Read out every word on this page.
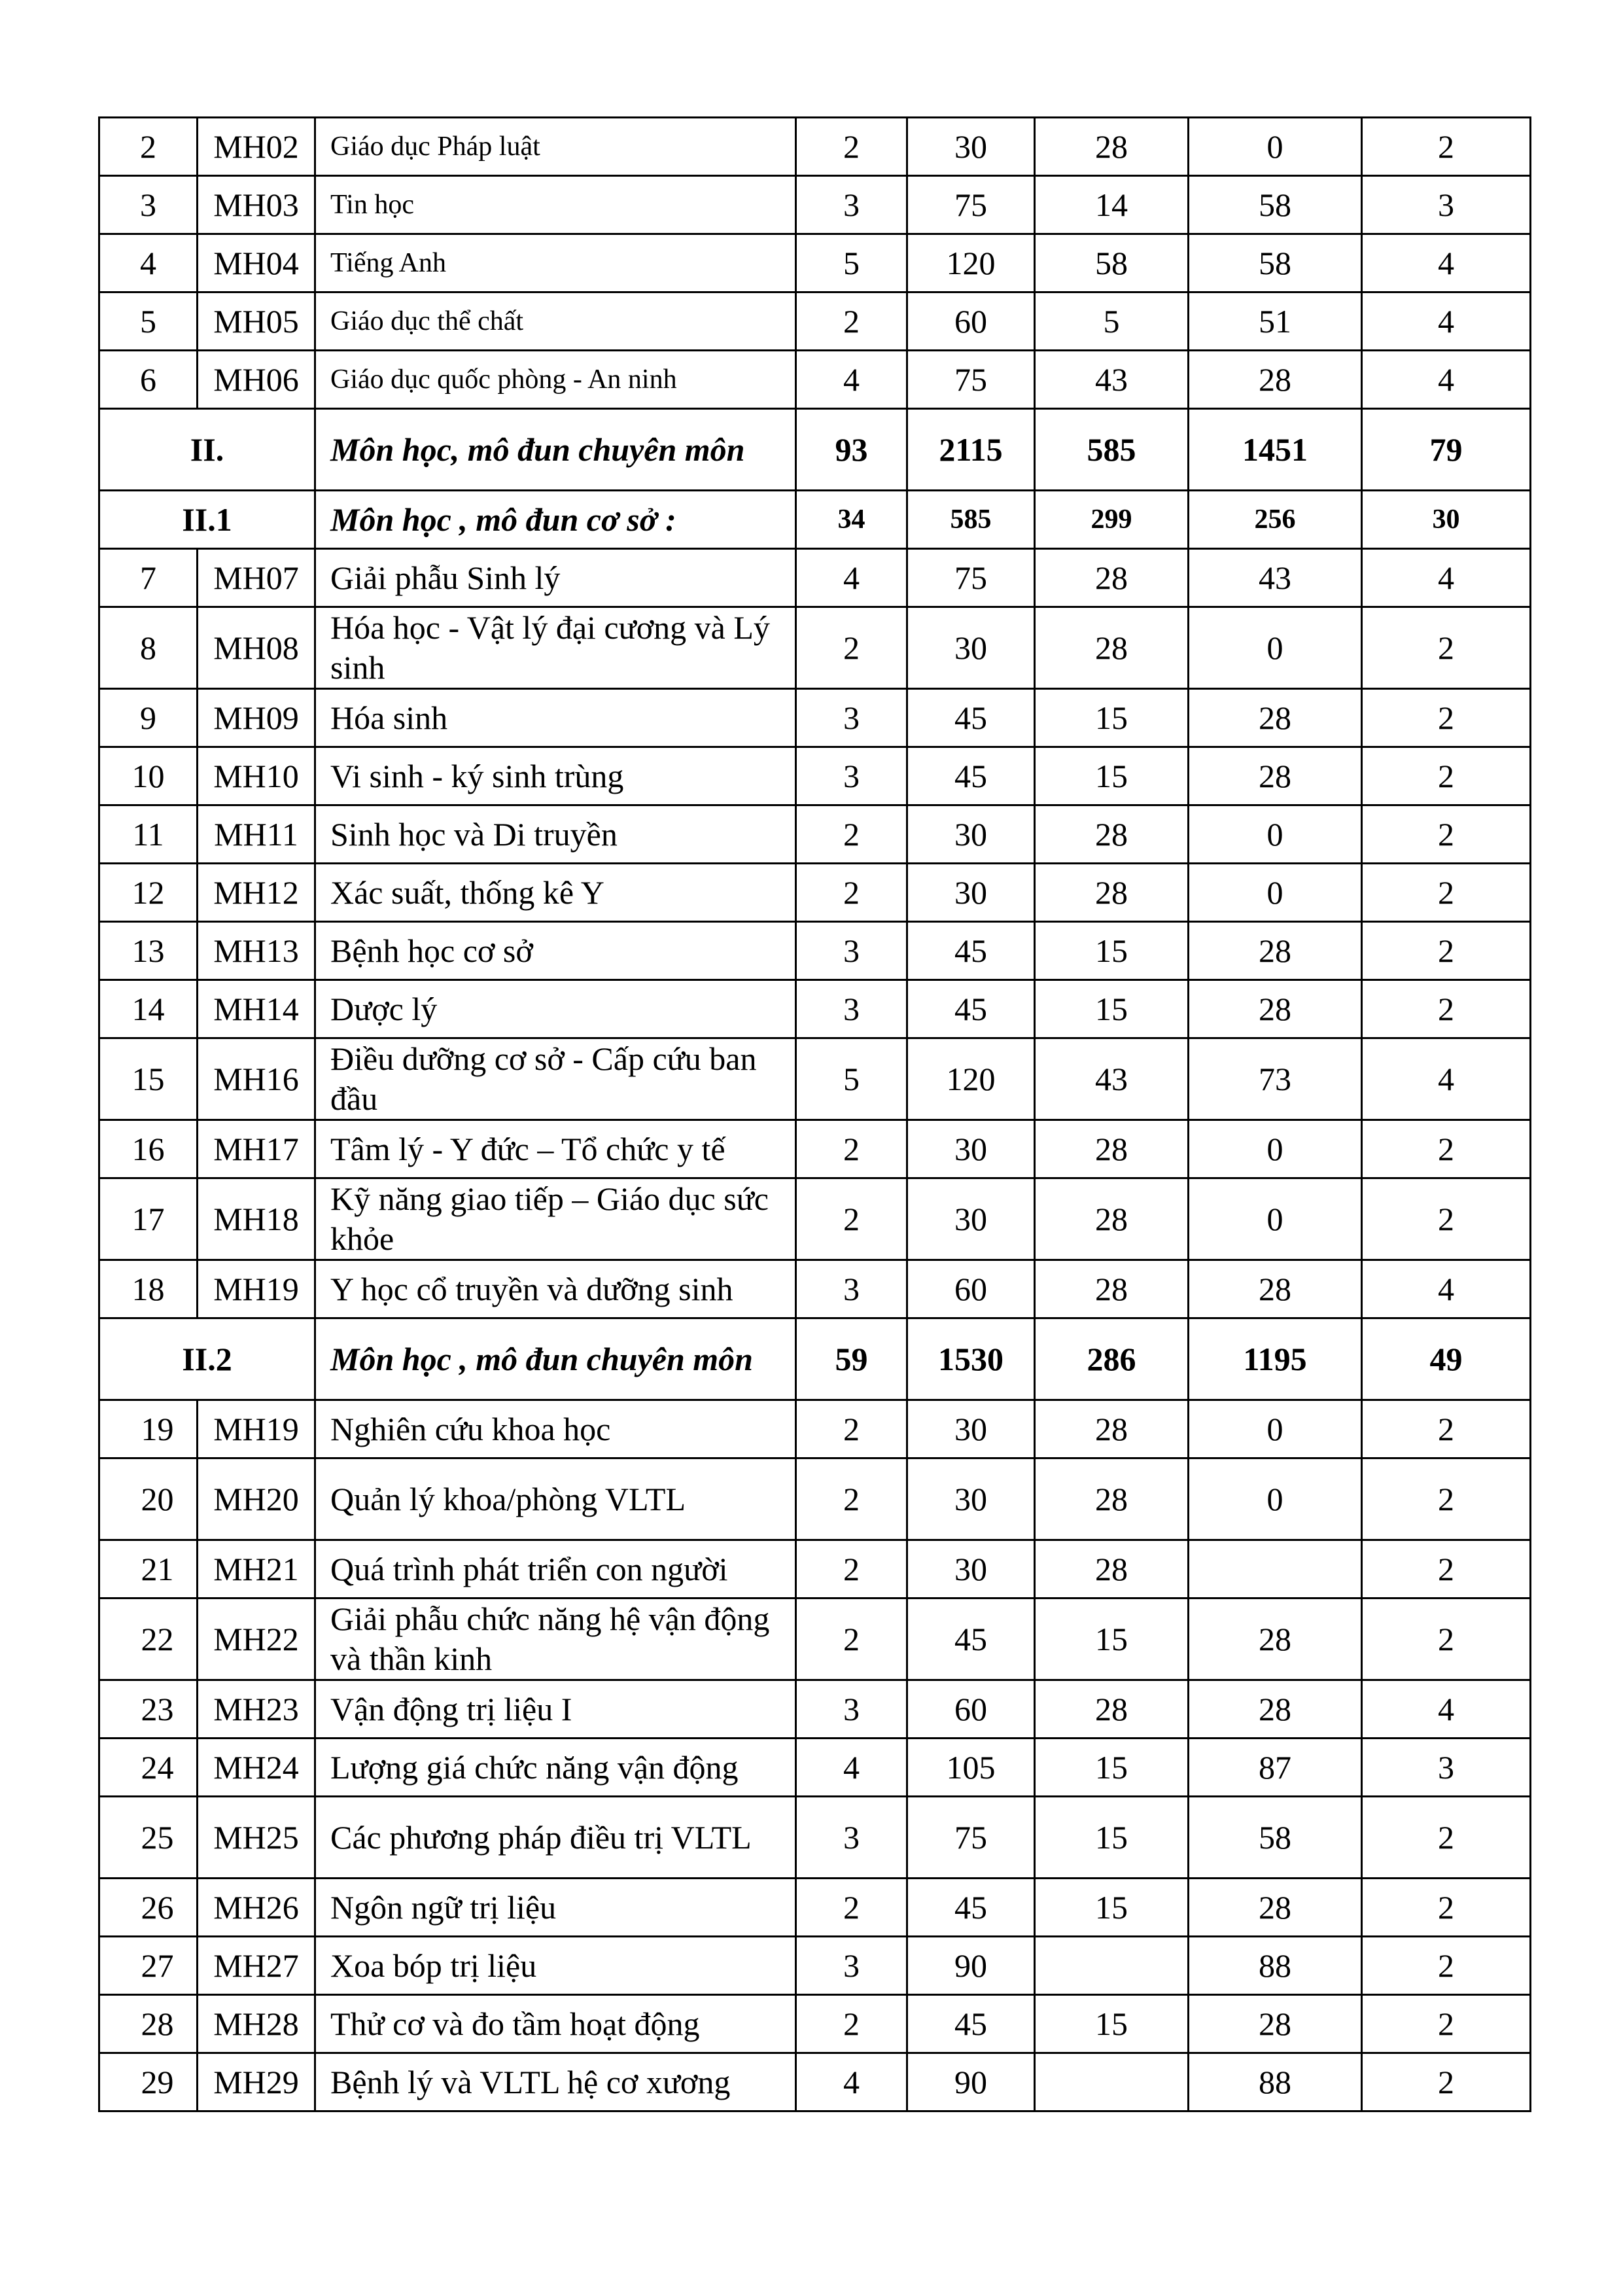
2	MH02	Giáo dục Pháp luật	2	30	28	0	2
3	MH03	Tin học	3	75	14	58	3
4	MH04	Tiếng Anh	5	120	58	58	4
5	MH05	Giáo dục thể chất	2	60	5	51	4
6	MH06	Giáo dục quốc phòng - An ninh	4	75	43	28	4
II.		Môn học, mô đun chuyên môn	93	2115	585	1451	79
II.1		Môn học , mô đun cơ sở :	34	585	299	256	30
7	MH07	Giải phẫu Sinh lý	4	75	28	43	4
8	MH08	Hóa học - Vật lý đại cương và Lý sinh	2	30	28	0	2
9	MH09	Hóa sinh	3	45	15	28	2
10	MH10	Vi sinh - ký sinh trùng	3	45	15	28	2
11	MH11	Sinh học và Di truyền	2	30	28	0	2
12	MH12	Xác suất, thống kê Y	2	30	28	0	2
13	MH13	Bệnh học cơ sở	3	45	15	28	2
14	MH14	Dược lý	3	45	15	28	2
15	MH16	Điều dưỡng cơ sở - Cấp cứu ban đầu	5	120	43	73	4
16	MH17	Tâm lý - Y đức – Tổ chức y tế	2	30	28	0	2
17	MH18	Kỹ năng giao tiếp – Giáo dục sức khỏe	2	30	28	0	2
18	MH19	Y học cổ truyền và dưỡng sinh	3	60	28	28	4
II.2		Môn học , mô đun chuyên môn	59	1530	286	1195	49
19	MH19	Nghiên cứu khoa học	2	30	28	0	2
20	MH20	Quản lý khoa/phòng VLTL	2	30	28	0	2
21	MH21	Quá trình phát triển con người	2	30	28		2
22	MH22	Giải phẫu chức năng hệ vận động và thần kinh	2	45	15	28	2
23	MH23	Vận động trị liệu I	3	60	28	28	4
24	MH24	Lượng giá chức năng vận động	4	105	15	87	3
25	MH25	Các phương pháp điều trị VLTL	3	75	15	58	2
26	MH26	Ngôn ngữ trị liệu	2	45	15	28	2
27	MH27	Xoa bóp trị liệu	3	90		88	2
28	MH28	Thử cơ và đo tầm hoạt động	2	45	15	28	2
29	MH29	Bệnh lý và VLTL hệ cơ xương	4	90		88	2
